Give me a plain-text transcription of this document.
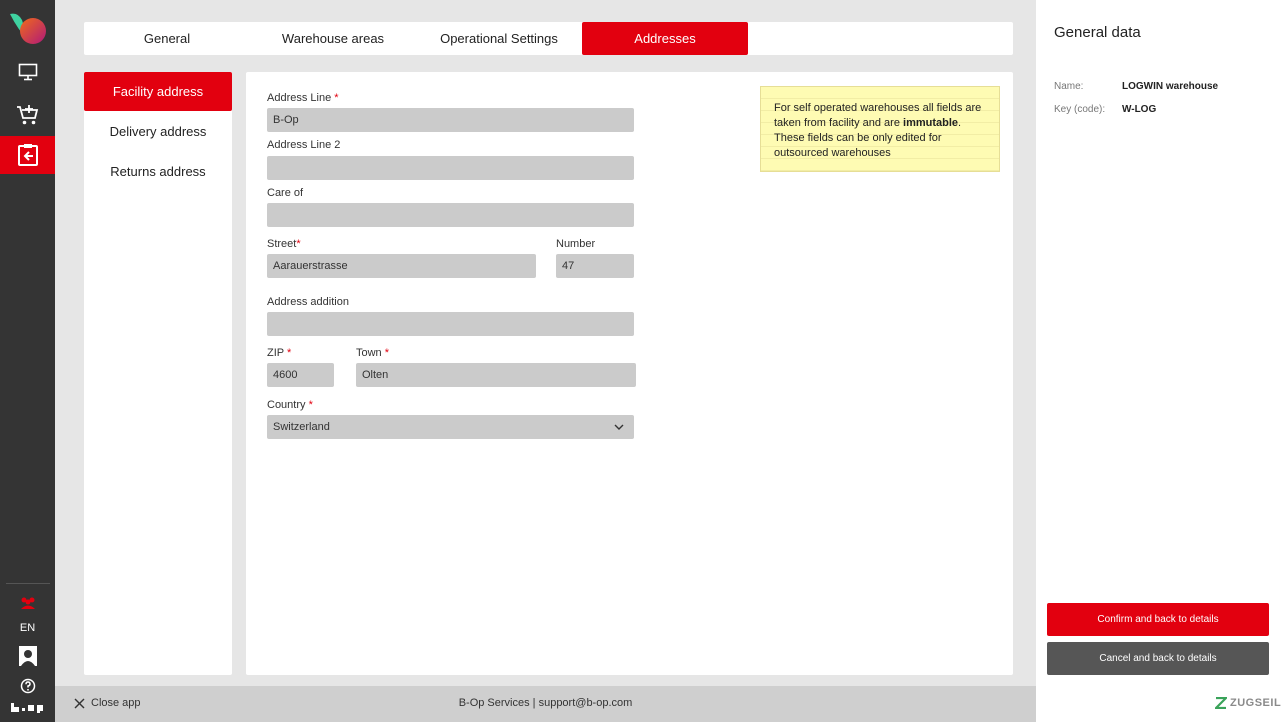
EN
General	Warehouse areas	Operational Settings	Addresses
Facility address
Delivery address
Returns address
Address Line *
B-Op
Address Line 2
Care of
Street*
Aarauerstrasse
Number
47
Address addition
ZIP *
4600
Town *
Olten
Country *
Switzerland
For self operated warehouses all fields are taken from facility and are immutable. These fields can be only edited for outsourced warehouses
General data
Name:	LOGWIN warehouse
Key (code): W-LOG
Confirm and back to details
Cancel and back to details
Close app	B-Op Services | support@b-op.com	ZUGSEIL
